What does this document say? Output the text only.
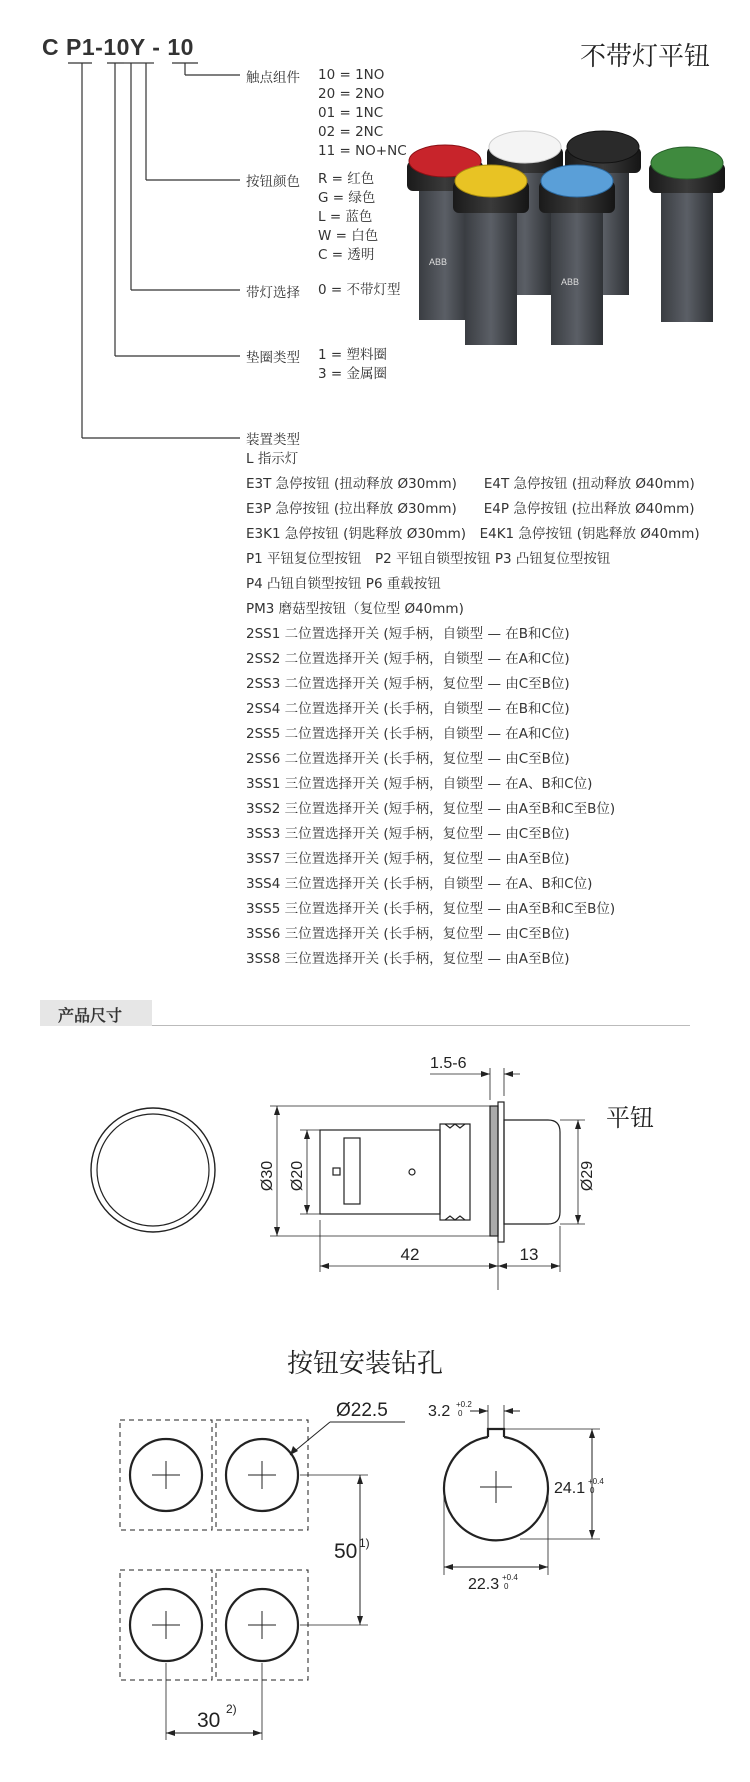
C P1-10Y - 10	不带灯平钮
触点组件 10 = 1NO
20 = 2NO
01 = 1NC
02 = 2NC
11 = NO+NC
按钮颜色 R = 红色
G = 绿色
L = 蓝色
W = 白色
C = 透明
带灯选择 0 = 不带灯型
垫圈类型 1 = 塑料圈
3 = 金属圈
装置类型
L 指示灯
E3T 急停按钮 (扭动释放 Ø30mm)　　E4T 急停按钮 (扭动释放 Ø40mm)
E3P 急停按钮 (拉出释放 Ø30mm)　　E4P 急停按钮 (拉出释放 Ø40mm)
E3K1 急停按钮 (钥匙释放 Ø30mm)　E4K1 急停按钮 (钥匙释放 Ø40mm)
P1 平钮复位型按钮　P2 平钮自锁型按钮 P3 凸钮复位型按钮
P4 凸钮自锁型按钮 P6 重载按钮
PM3 磨菇型按钮（复位型 Ø40mm)
2SS1 二位置选择开关 (短手柄，自锁型 — 在B和C位)
2SS2 二位置选择开关 (短手柄，自锁型 — 在A和C位)
2SS3 二位置选择开关 (短手柄，复位型 — 由C至B位)
2SS4 二位置选择开关 (长手柄，自锁型 — 在B和C位)
2SS5 二位置选择开关 (长手柄，自锁型 — 在A和C位)
2SS6 二位置选择开关 (长手柄，复位型 — 由C至B位)
3SS1 三位置选择开关 (短手柄，自锁型 — 在A、B和C位)
3SS2 三位置选择开关 (短手柄，复位型 — 由A至B和C至B位)
3SS3 三位置选择开关 (短手柄，复位型 — 由C至B位)
3SS7 三位置选择开关 (短手柄，复位型 — 由A至B位)
3SS4 三位置选择开关 (长手柄，自锁型 — 在A、B和C位)
3SS5 三位置选择开关 (长手柄，复位型 — 由A至B和C至B位)
3SS6 三位置选择开关 (长手柄，复位型 — 由C至B位)
3SS8 三位置选择开关 (长手柄，复位型 — 由A至B位)
ABB
ABB
产品尺寸
Ø30 Ø20	Ø29
1.5-6
42	13
平钮
按钮安装钻孔
Ø22.5
50 1)
30 2)
3.2 +0.2
0
24.1 +0.4
0
22.3 +0.4
0
